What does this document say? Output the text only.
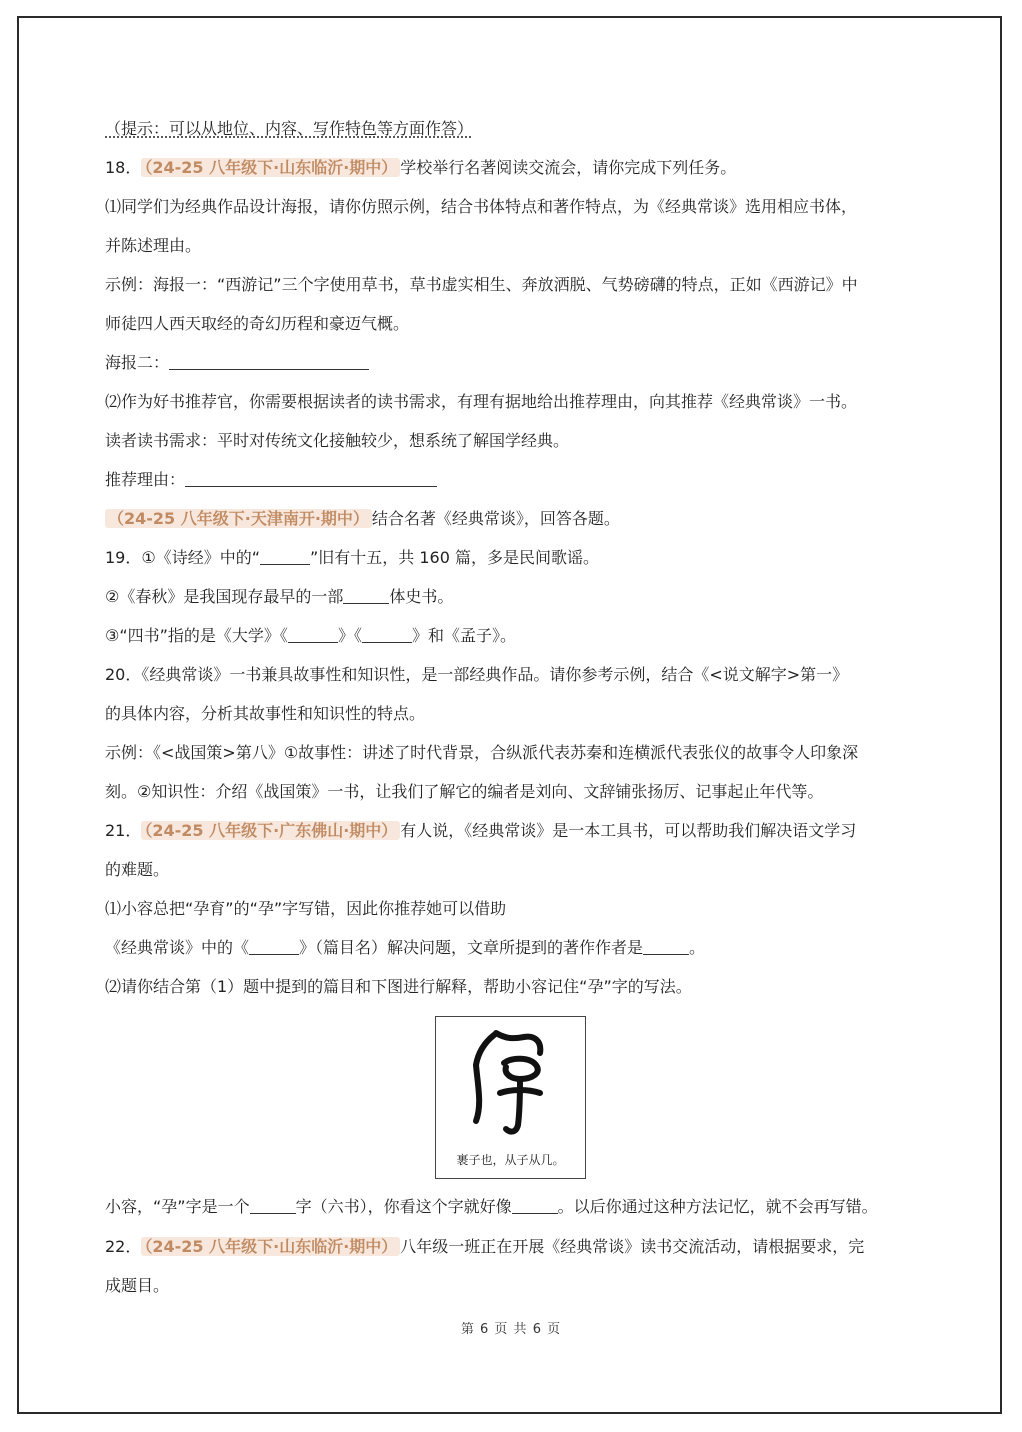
（提示：可以从地位、内容、写作特色等方面作答）
18． （24-25 八年级下·山东临沂·期中） 学校举行名著阅读交流会，请你完成下列任务。
⑴同学们为经典作品设计海报，请你仿照示例，结合书体特点和著作特点，为《经典常谈》选用相应书体，
并陈述理由。
示例：海报一：“西游记”三个字使用草书，草书虚实相生、奔放洒脱、气势磅礴的特点，正如《西游记》中
师徒四人西天取经的奇幻历程和豪迈气概。
海报二：
⑵作为好书推荐官，你需要根据读者的读书需求，有理有据地给出推荐理由，向其推荐《经典常谈》一书。
读者读书需求：平时对传统文化接触较少，想系统了解国学经典。
推荐理由：
（24-25 八年级下·天津南开·期中） 结合名著《经典常谈》，回答各题。
19．①《诗经》中的“	”旧有十五，共 160 篇，多是民间歌谣。
②《春秋》是我国现存最早的一部	体史书。
③“四书”指的是《大学》《	》《	》和《孟子》。
20．《经典常谈》一书兼具故事性和知识性，是一部经典作品。请你参考示例，结合《<说文解字>第一》
的具体内容，分析其故事性和知识性的特点。
示例：《<战国策>第八》①故事性：讲述了时代背景，合纵派代表苏秦和连横派代表张仪的故事令人印象深
刻。②知识性：介绍《战国策》一书，让我们了解它的编者是刘向、文辞铺张扬厉、记事起止年代等。
21． （24-25 八年级下·广东佛山·期中） 有人说，《经典常谈》是一本工具书，可以帮助我们解决语文学习
的难题。
⑴小容总把“孕育”的“孕”字写错，因此你推荐她可以借助
《经典常谈》中的《	》（篇目名）解决问题，文章所提到的著作作者是	。
⑵请你结合第（1）题中提到的篇目和下图进行解释，帮助小容记住“孕”字的写法。
裹子也，从子从几。
小容，“孕”字是一个	字（六书），你看这个字就好像	。以后你通过这种方法记忆，就不会再写错。
22． （24-25 八年级下·山东临沂·期中） 八年级一班正在开展《经典常谈》读书交流活动，请根据要求，完
成题目。
第 6 页 共 6 页
